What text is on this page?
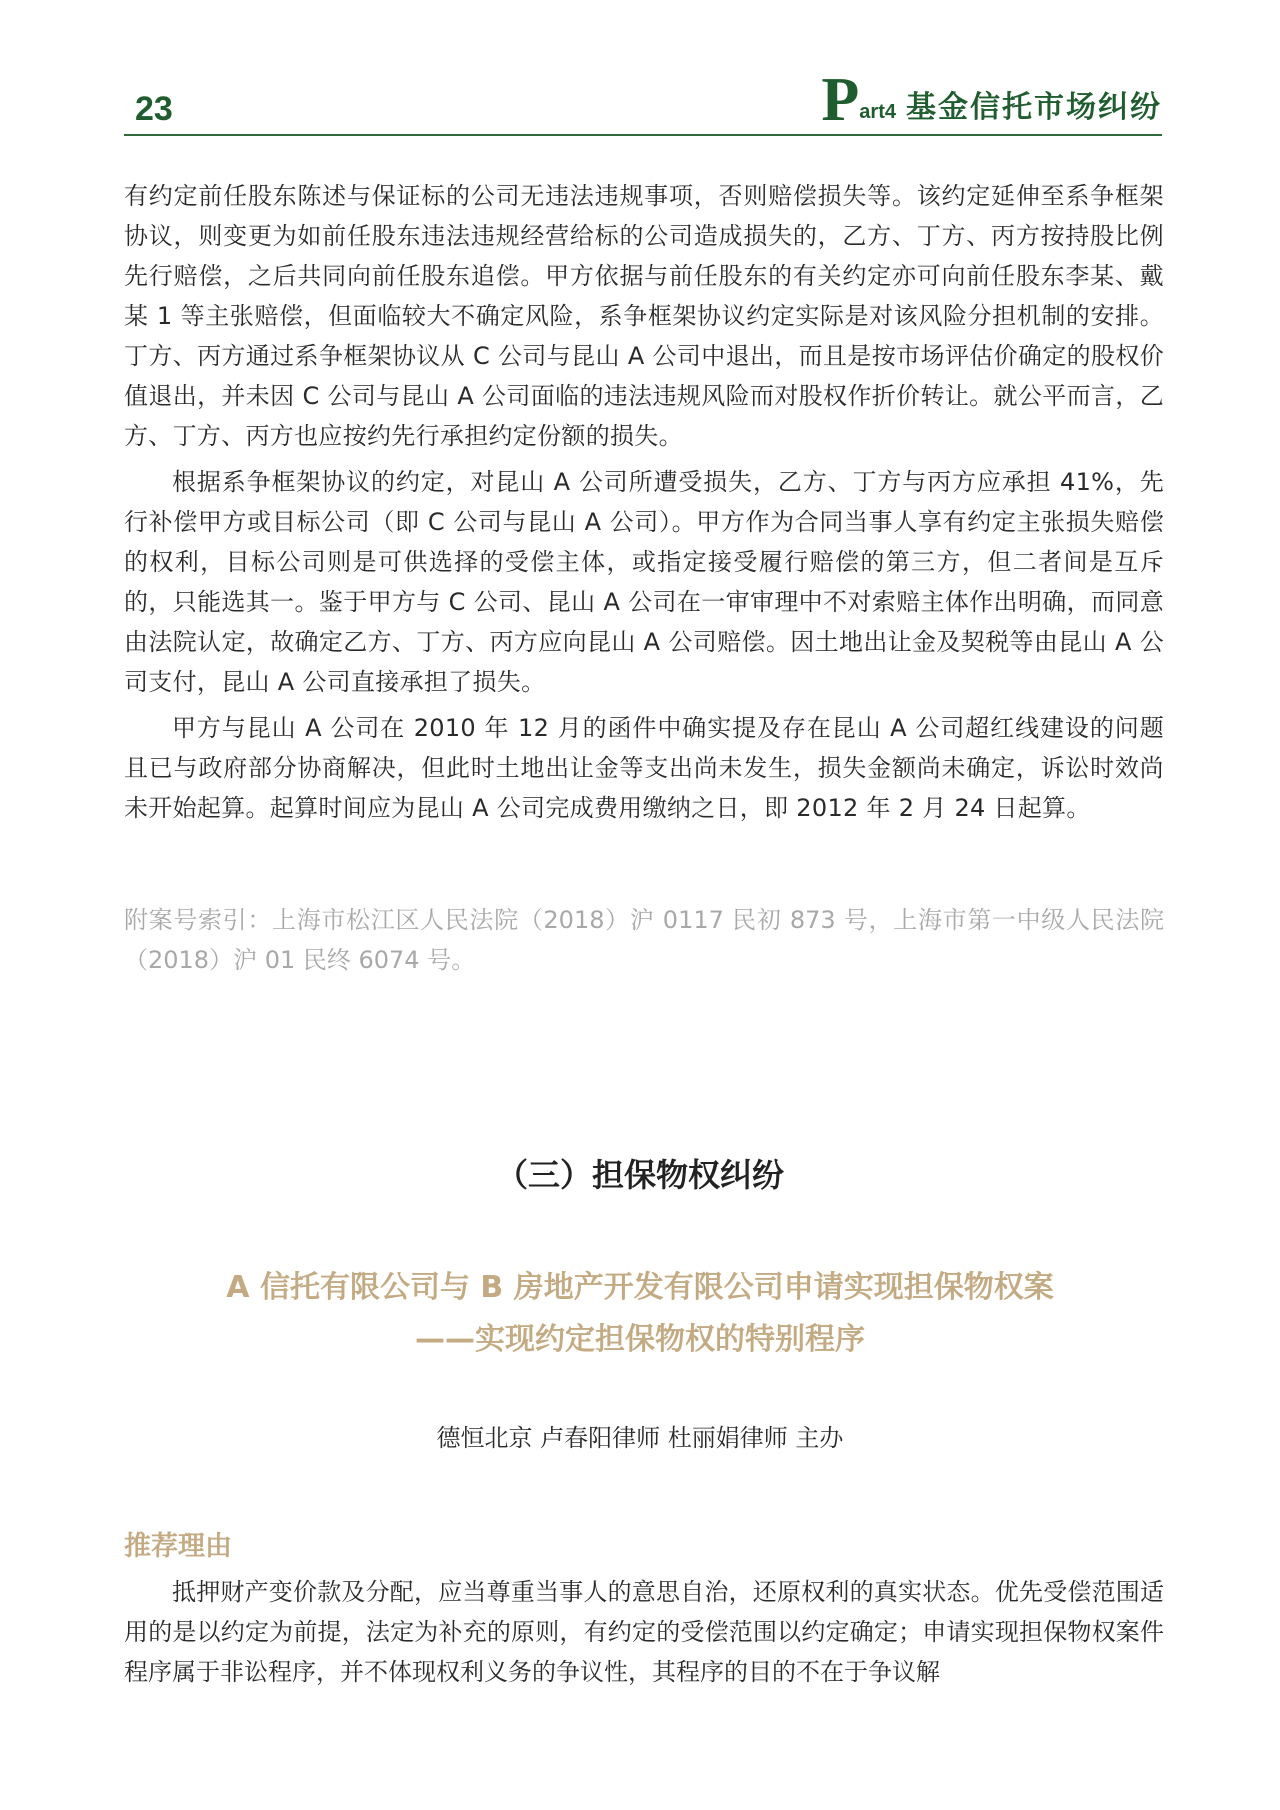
23	P art4 基金信托市场纠纷

有约定前任股东陈述与保证标的公司无违法违规事项，否则赔偿损失等。该约定延伸至系争框架协议，则变更为如前任股东违法违规经营给标的公司造成损失的，乙方、丁方、丙方按持股比例先行赔偿，之后共同向前任股东追偿。甲方依据与前任股东的有关约定亦可向前任股东李某、戴某 1 等主张赔偿，但面临较大不确定风险，系争框架协议约定实际是对该风险分担机制的安排。丁方、丙方通过系争框架协议从 C 公司与昆山 A 公司中退出，而且是按市场评估价确定的股权价值退出，并未因 C 公司与昆山 A 公司面临的违法违规风险而对股权作折价转让。就公平而言，乙方、丁方、丙方也应按约先行承担约定份额的损失。

根据系争框架协议的约定，对昆山 A 公司所遭受损失，乙方、丁方与丙方应承担 41%，先行补偿甲方或目标公司（即 C 公司与昆山 A 公司）。甲方作为合同当事人享有约定主张损失赔偿的权利，目标公司则是可供选择的受偿主体，或指定接受履行赔偿的第三方，但二者间是互斥的，只能选其一。鉴于甲方与 C 公司、昆山 A 公司在一审审理中不对索赔主体作出明确，而同意由法院认定，故确定乙方、丁方、丙方应向昆山 A 公司赔偿。因土地出让金及契税等由昆山 A 公司支付，昆山 A 公司直接承担了损失。

甲方与昆山 A 公司在 2010 年 12 月的函件中确实提及存在昆山 A 公司超红线建设的问题且已与政府部分协商解决，但此时土地出让金等支出尚未发生，损失金额尚未确定，诉讼时效尚未开始起算。起算时间应为昆山 A 公司完成费用缴纳之日，即 2012 年 2 月 24 日起算。

附案号索引：上海市松江区人民法院（2018）沪 0117 民初 873 号，上海市第一中级人民法院（2018）沪 01 民终 6074 号。
（三）担保物权纠纷
A 信托有限公司与 B 房地产开发有限公司申请实现担保物权案
——实现约定担保物权的特别程序
德恒北京 卢春阳律师 杜丽娟律师 主办
推荐理由

抵押财产变价款及分配，应当尊重当事人的意思自治，还原权利的真实状态。优先受偿范围适用的是以约定为前提，法定为补充的原则，有约定的受偿范围以约定确定；申请实现担保物权案件程序属于非讼程序，并不体现权利义务的争议性，其程序的目的不在于争议解
